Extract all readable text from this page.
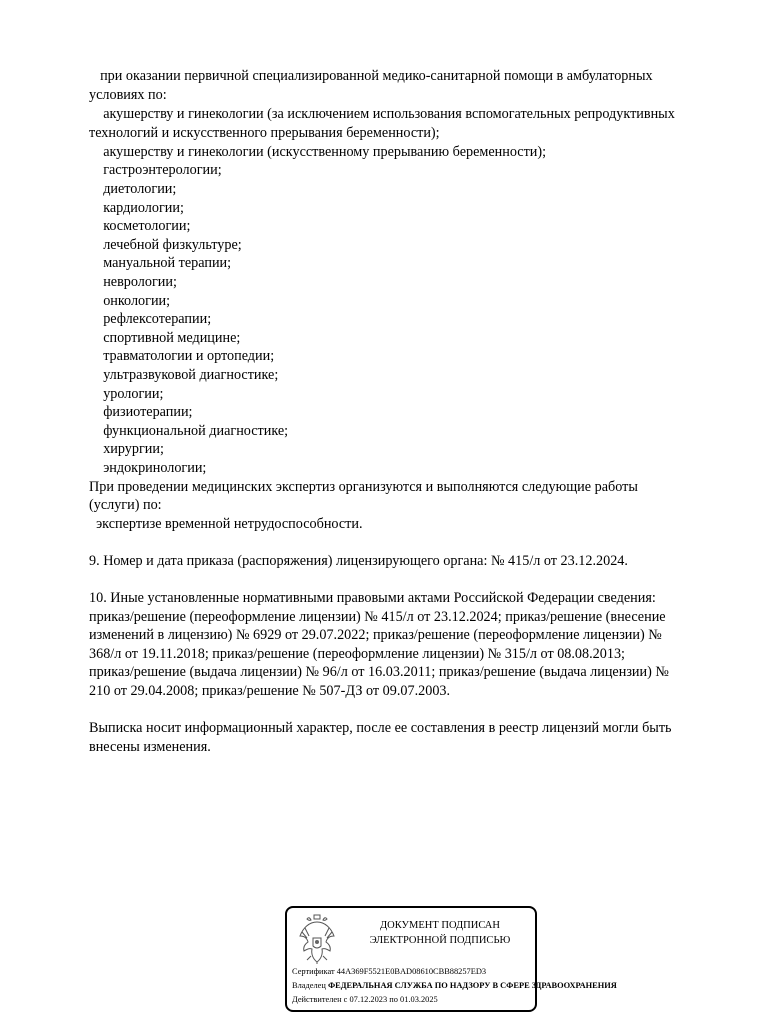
при оказании первичной специализированной медико-санитарной помощи в амбулаторных
условиях по:
акушерству и гинекологии (за исключением использования вспомогательных репродуктивных
технологий и искусственного прерывания беременности);
акушерству и гинекологии (искусственному прерыванию беременности);
гастроэнтерологии;
диетологии;
кардиологии;
косметологии;
лечебной физкультуре;
мануальной терапии;
неврологии;
онкологии;
рефлексотерапии;
спортивной медицине;
травматологии и ортопедии;
ультразвуковой диагностике;
урологии;
физиотерапии;
функциональной диагностике;
хирургии;
эндокринологии;
При проведении медицинских экспертиз организуются и выполняются следующие работы
(услуги) по:
экспертизе временной нетрудоспособности.
9. Номер и дата приказа (распоряжения) лицензирующего органа: № 415/л от 23.12.2024.
10. Иные установленные нормативными правовыми актами Российской Федерации сведения:
приказ/решение (переоформление лицензии) № 415/л от 23.12.2024; приказ/решение (внесение
изменений в лицензию) № 6929 от 29.07.2022; приказ/решение (переоформление лицензии) №
368/л от 19.11.2018; приказ/решение (переоформление лицензии) № 315/л от 08.08.2013;
приказ/решение (выдача лицензии) № 96/л от 16.03.2011; приказ/решение (выдача лицензии) №
210 от 29.04.2008; приказ/решение № 507-ДЗ от 09.07.2003.
Выписка носит информационный характер, после ее составления в реестр лицензий могли быть
внесены изменения.
ДОКУМЕНТ ПОДПИСАН
ЭЛЕКТРОННОЙ ПОДПИСЬЮ
Сертификат 44A369F5521E0BAD08610CBB88257ED3
Владелец ФЕДЕРАЛЬНАЯ СЛУЖБА ПО НАДЗОРУ В СФЕРЕ ЗДРАВООХРАНЕНИЯ
Действителен с 07.12.2023 по 01.03.2025
